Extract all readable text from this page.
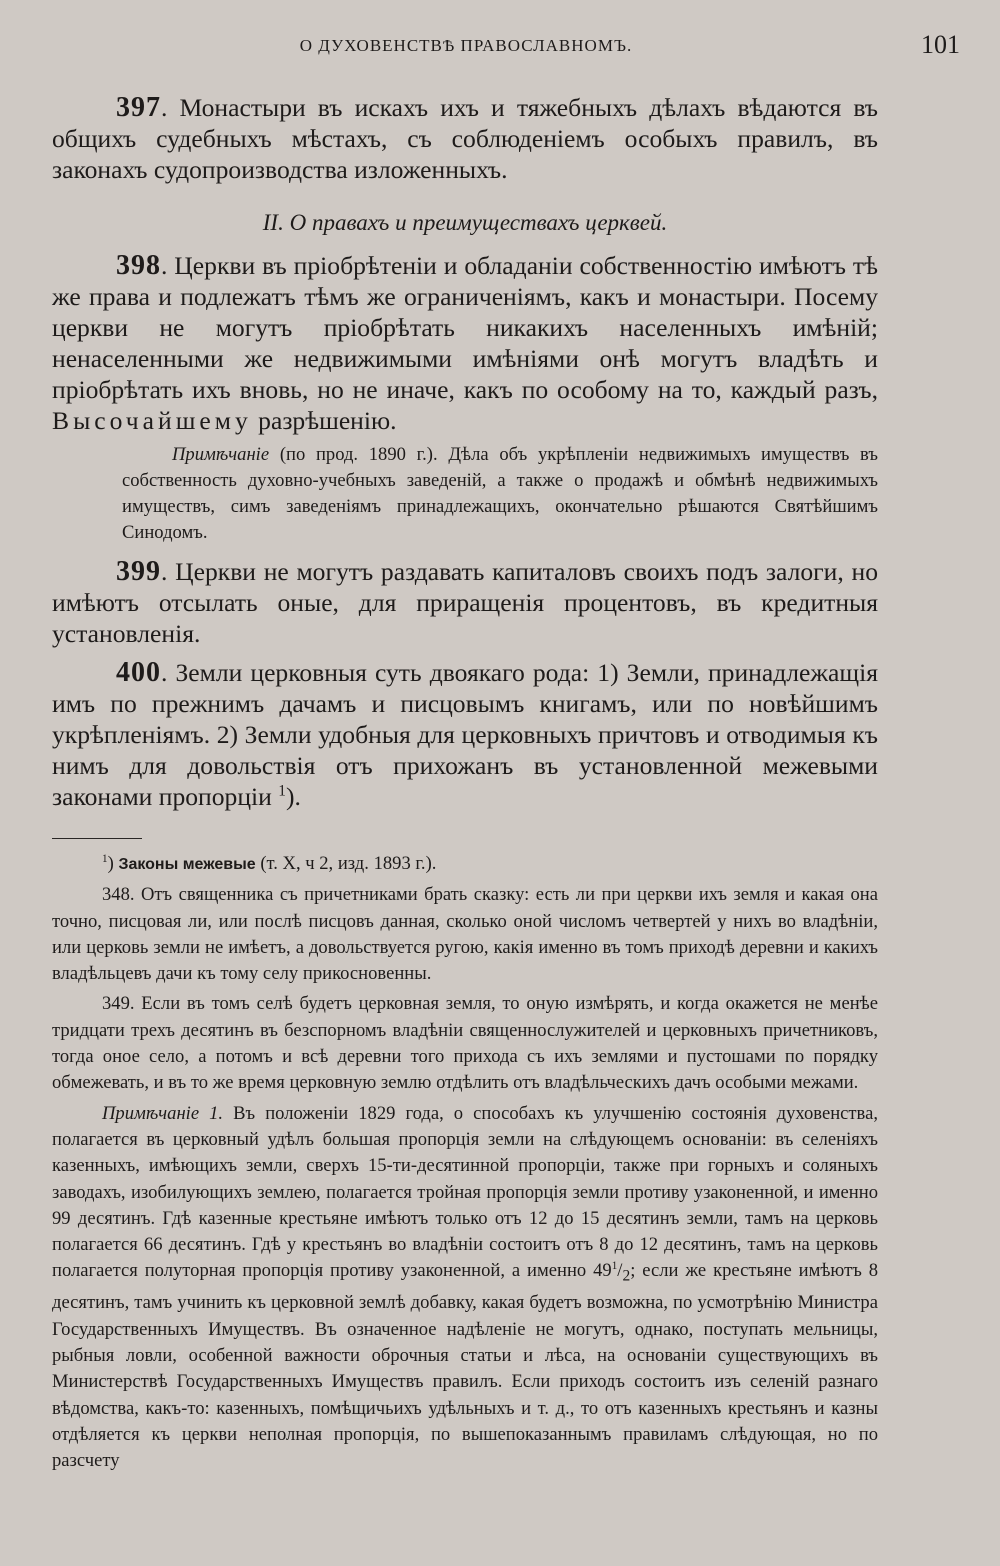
О ДУХОВЕНСТВѢ ПРАВОСЛАВНОМЪ.	101

397. Монастыри въ искахъ ихъ и тяжебныхъ дѣлахъ вѣдаются въ общихъ судебныхъ мѣстахъ, съ соблюденіемъ особыхъ правилъ, въ законахъ судопроизводства изложенныхъ.

II. О правахъ и преимуществахъ церквей.

398. Церкви въ пріобрѣтеніи и обладаніи собственностію имѣютъ тѣ же права и подлежатъ тѣмъ же ограниченіямъ, какъ и монастыри. Посему церкви не могутъ пріобрѣтать никакихъ населенныхъ имѣній; ненаселенными же недвижимыми имѣніями онѣ могутъ владѣть и пріобрѣтать ихъ вновь, но не иначе, какъ по особому на то, каждый разъ, Высочайшему разрѣшенію.

Примѣчаніе (по прод. 1890 г.). Дѣла объ укрѣпленіи недвижимыхъ имуществъ въ собственность духовно-учебныхъ заведеній, а также о продажѣ и обмѣнѣ недвижимыхъ имуществъ, симъ заведеніямъ принадлежащихъ, окончательно рѣшаются Святѣйшимъ Синодомъ.

399. Церкви не могутъ раздавать капиталовъ своихъ подъ залоги, но имѣютъ отсылать оные, для приращенія процентовъ, въ кредитныя установленія.

400. Земли церковныя суть двоякаго рода: 1) Земли, принадлежащія имъ по прежнимъ дачамъ и писцовымъ книгамъ, или по новѣйшимъ укрѣпленіямъ. 2) Земли удобныя для церковныхъ причтовъ и отводимыя къ нимъ для довольствія отъ прихожанъ въ установленной межевыми законами пропорціи $^1$).

$^1$) Законы межевые (т. X, ч 2, изд. 1893 г.).

348. Отъ священника съ причетниками брать сказку: есть ли при церкви ихъ земля и какая она точно, писцовая ли, или послѣ писцовъ данная, сколько оной числомъ четвертей у нихъ во владѣніи, или церковь земли не имѣетъ, а довольствуется ругою, какія именно въ томъ приходѣ деревни и какихъ владѣльцевъ дачи къ тому селу прикосновенны.

349. Если въ томъ селѣ будетъ церковная земля, то оную измѣрять, и когда окажется не менѣе тридцати трехъ десятинъ въ безспорномъ владѣніи священнослужителей и церковныхъ причетниковъ, тогда оное село, а потомъ и всѣ деревни того прихода съ ихъ землями и пустошами по порядку обмежевать, и въ то же время церковную землю отдѣлить отъ владѣльческихъ дачъ особыми межами.

Примѣчаніе 1. Въ положеніи 1829 года, о способахъ къ улучшенію состоянія духовенства, полагается въ церковный удѣлъ большая пропорція земли на слѣдующемъ основаніи: въ селеніяхъ казенныхъ, имѣющихъ земли, сверхъ 15-ти-десятинной пропорціи, также при горныхъ и соляныхъ заводахъ, изобилующихъ землею, полагается тройная пропорція земли противу узаконенной, и именно 99 десятинъ. Гдѣ казенные крестьяне имѣютъ только отъ 12 до 15 десятинъ земли, тамъ на церковь полагается 66 десятинъ. Гдѣ у крестьянъ во владѣніи состоитъ отъ 8 до 12 десятинъ, тамъ на церковь полагается полуторная пропорція противу узаконенной, а именно $49^1/_2$; если же крестьяне имѣютъ 8 десятинъ, тамъ учинить къ церковной землѣ добавку, какая будетъ возможна, по усмотрѣнію Министра Государственныхъ Имуществъ. Въ означенное надѣленіе не могутъ, однако, поступать мельницы, рыбныя ловли, особенной важности оброчныя статьи и лѣса, на основаніи существующихъ въ Министерствѣ Государственныхъ Имуществъ правилъ. Если приходъ состоитъ изъ селеній разнаго вѣдомства, какъ-то: казенныхъ, помѣщичьихъ удѣльныхъ и т. д., то отъ казенныхъ крестьянъ и казны отдѣляется къ церкви неполная пропорція, по вышепоказаннымъ правиламъ слѣдующая, но по разсчету
